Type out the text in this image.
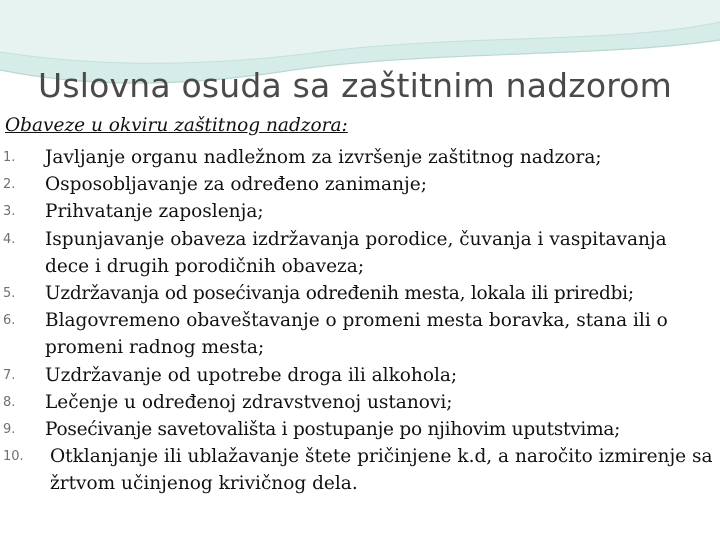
Uslovna osuda sa zaštitnim nadzorom
Obaveze u okviru zaštitnog nadzora:
1. Javljanje organu nadležnom za izvršenje zaštitnog nadzora;
2. Osposobljavanje za određeno zanimanje;
3. Prihvatanje zaposlenja;
4. Ispunjavanje obaveza izdržavanja porodice, čuvanja i vaspitavanja dece i drugih porodičnih obaveza;
5. Uzdržavanja od posećivanja određenih mesta, lokala ili priredbi;
6. Blagovremeno obaveštavanje o promeni mesta boravka, stana ili o promeni radnog mesta;
7. Uzdržavanje od upotrebe droga ili alkohola;
8. Lečenje u određenoj zdravstvenoj ustanovi;
9. Posećivanje savetovališta i postupanje po njihovim uputstvima;
10. Otklanjanje ili ublažavanje štete pričinjene k.d, a naročito izmirenje sa žrtvom učinjenog krivičnog dela.
